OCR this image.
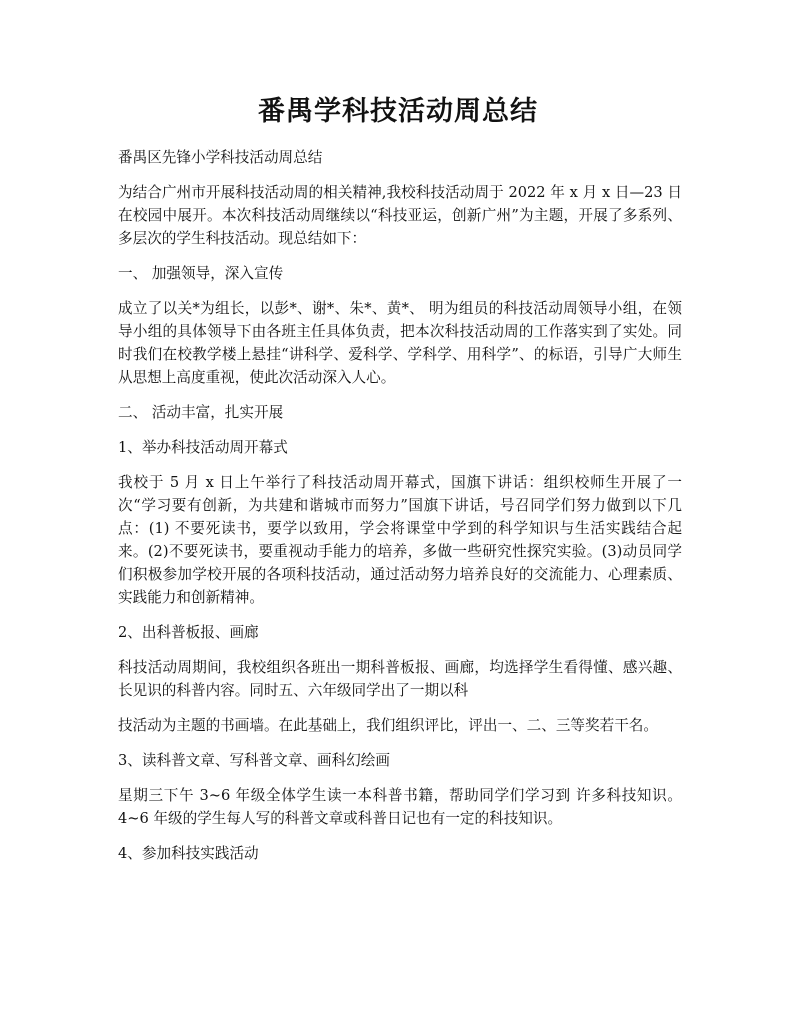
番禺学科技活动周总结

番禺区先锋小学科技活动周总结

为结合广州市开展科技活动周的相关精神,我校科技活动周于 2022 年 x 月 x 日—23 日在校园中展开。本次科技活动周继续以“科技亚运，创新广州”为主题，开展了多系列、多层次的学生科技活动。现总结如下：

一、 加强领导，深入宣传

成立了以关*为组长，以彭*、谢*、朱*、黄*、 明为组员的科技活动周领导小组，在领导小组的具体领导下由各班主任具体负责，把本次科技活动周的工作落实到了实处。同时我们在校教学楼上悬挂“讲科学、爱科学、学科学、用科学”、的标语，引导广大师生从思想上高度重视，使此次活动深入人心。

二、 活动丰富，扎实开展

1、举办科技活动周开幕式

我校于 5 月 x 日上午举行了科技活动周开幕式，国旗下讲话：组织校师生开展了一次“学习要有创新，为共建和谐城市而努力”国旗下讲话，号召同学们努力做到以下几点：(1) 不要死读书，要学以致用，学会将课堂中学到的科学知识与生活实践结合起来。(2)不要死读书，要重视动手能力的培养，多做一些研究性探究实验。(3)动员同学们积极参加学校开展的各项科技活动，通过活动努力培养良好的交流能力、心理素质、实践能力和创新精神。

2、出科普板报、画廊

科技活动周期间，我校组织各班出一期科普板报、画廊，均选择学生看得懂、感兴趣、长见识的科普内容。同时五、六年级同学出了一期以科

技活动为主题的书画墙。在此基础上，我们组织评比，评出一、二、三等奖若干名。

3、读科普文章、写科普文章、画科幻绘画

星期三下午 3~6 年级全体学生读一本科普书籍，帮助同学们学习到 许多科技知识。4~6 年级的学生每人写的科普文章或科普日记也有一定的科技知识。

4、参加科技实践活动
